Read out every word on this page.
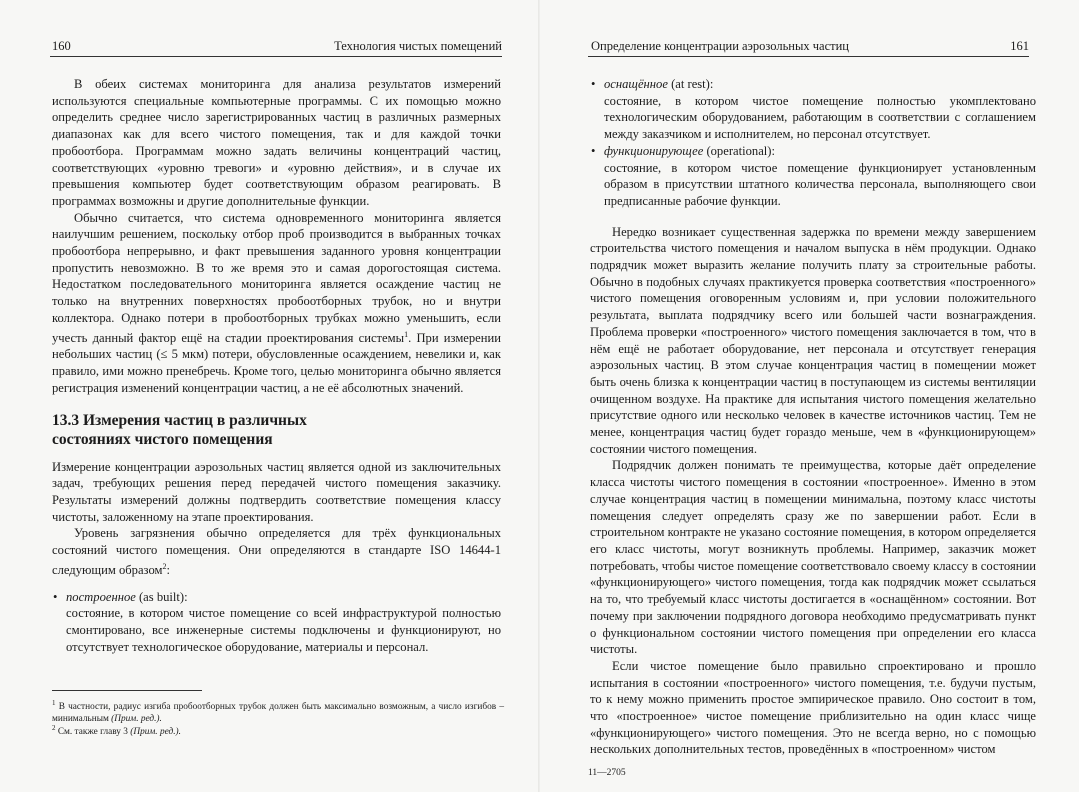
160	Технология чистых помещений

В обеих системах мониторинга для анализа результатов измерений используются специальные компьютерные программы. С их помощью можно определить среднее число зарегистрированных частиц в различных размерных диапазонах как для всего чистого помещения, так и для каждой точки пробоотбора. Программам можно задать величины концентраций частиц, соответствующих «уровню тревоги» и «уровню действия», и в случае их превышения компьютер будет соответствующим образом реагировать. В программах возможны и другие дополнительные функции.

Обычно считается, что система одновременного мониторинга является наилучшим решением, поскольку отбор проб производится в выбранных точках пробоотбора непрерывно, и факт превышения заданного уровня концентрации пропустить невозможно. В то же время это и самая дорогостоящая система. Недостатком последовательного мониторинга является осаждение частиц не только на внутренних поверхностях пробоотборных трубок, но и внутри коллектора. Однако потери в пробоотборных трубках можно уменьшить, если учесть данный фактор ещё на стадии проектирования системы$^1$. При измерении небольших частиц (≤ 5 мкм) потери, обусловленные осаждением, невелики и, как правило, ими можно пренебречь. Кроме того, целью мониторинга обычно является регистрация изменений концентрации частиц, а не её абсолютных значений.

13.3 Измерения частиц в различных
состояниях чистого помещения

Измерение концентрации аэрозольных частиц является одной из заключительных задач, требующих решения перед передачей чистого помещения заказчику. Результаты измерений должны подтвердить соответствие помещения классу чистоты, заложенному на этапе проектирования.

Уровень загрязнения обычно определяется для трёх функциональных состояний чистого помещения. Они определяются в стандарте ISO 14644-1 следующим образом$^2$:

• построенное (as built):

состояние, в котором чистое помещение со всей инфраструктурой полностью смонтировано, все инженерные системы подключены и функционируют, но отсутствует технологическое оборудование, материалы и персонал.

$^1$ В частности, радиус изгиба пробоотборных трубок должен быть максимально возможным, а число изгибов – минимальным (Прим. ред.).
$^2$ См. также главу 3 (Прим. ред.).
Определение концентрации аэрозольных частиц	161
• оснащённое (at rest):

состояние, в котором чистое помещение полностью укомплектовано технологическим оборудованием, работающим в соответствии с соглашением между заказчиком и исполнителем, но персонал отсутствует.

• функционирующее (operational):

состояние, в котором чистое помещение функционирует установленным образом в присутствии штатного количества персонала, выполняющего свои предписанные рабочие функции.

Нередко возникает существенная задержка по времени между завершением строительства чистого помещения и началом выпуска в нём продукции. Однако подрядчик может выразить желание получить плату за строительные работы. Обычно в подобных случаях практикуется проверка соответствия «построенного» чистого помещения оговоренным условиям и, при условии положительного результата, выплата подрядчику всего или большей части вознаграждения. Проблема проверки «построенного» чистого помещения заключается в том, что в нём ещё не работает оборудование, нет персонала и отсутствует генерация аэрозольных частиц. В этом случае концентрация частиц в помещении может быть очень близка к концентрации частиц в поступающем из системы вентиляции очищенном воздухе. На практике для испытания чистого помещения желательно присутствие одного или несколько человек в качестве источников частиц. Тем не менее, концентрация частиц будет гораздо меньше, чем в «функционирующем» состоянии чистого помещения.

Подрядчик должен понимать те преимущества, которые даёт определение класса чистоты чистого помещения в состоянии «построенное». Именно в этом случае концентрация частиц в помещении минимальна, поэтому класс чистоты помещения следует определять сразу же по завершении работ. Если в строительном контракте не указано состояние помещения, в котором определяется его класс чистоты, могут возникнуть проблемы. Например, заказчик может потребовать, чтобы чистое помещение соответствовало своему классу в состоянии «функционирующего» чистого помещения, тогда как подрядчик может ссылаться на то, что требуемый класс чистоты достигается в «оснащённом» состоянии. Вот почему при заключении подрядного договора необходимо предусматривать пункт о функциональном состоянии чистого помещения при определении его класса чистоты.

Если чистое помещение было правильно спроектировано и прошло испытания в состоянии «построенного» чистого помещения, т.е. будучи пустым, то к нему можно применить простое эмпирическое правило. Оно состоит в том, что «построенное» чистое помещение приблизительно на один класс чище «функционирующего» чистого помещения. Это не всегда верно, но с помощью нескольких дополнительных тестов, проведённых в «построенном» чистом

11—2705
